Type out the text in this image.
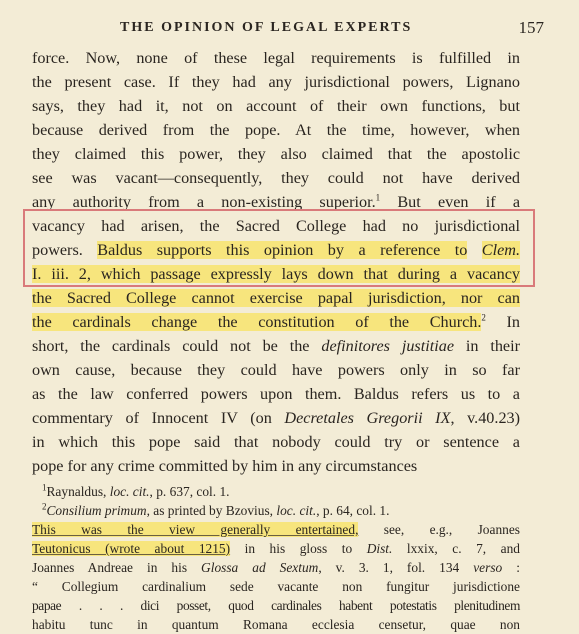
THE OPINION OF LEGAL EXPERTS	157
force. Now, none of these legal requirements is fulfilled in
the present case. If they had any jurisdictional powers, Lignano
says, they had it, not on account of their own functions, but
because derived from the pope. At the time, however, when
they claimed this power, they also claimed that the apostolic
see was vacant—consequently, they could not have derived
any authority from a non-existing superior.$^1$ But even if a
vacancy had arisen, the Sacred College had no jurisdictional
powers. Baldus supports this opinion by a reference to Clem.
I. iii. 2, which passage expressly lays down that during a vacancy
the Sacred College cannot exercise papal jurisdiction, nor can
the cardinals change the constitution of the Church.$^2$ In
short, the cardinals could not be the definitores justitiae in their
own cause, because they could have powers only in so far
as the law conferred powers upon them. Baldus refers us to a
commentary of Innocent IV (on Decretales Gregorii IX, v.40.23)
in which this pope said that nobody could try or sentence a
pope for any crime committed by him in any circumstances
$^1$Raynaldus, loc. cit., p. 637, col. 1.
$^2$Consilium primum, as printed by Bzovius, loc. cit., p. 64, col. 1.
This was the view generally entertained, see, e.g., Joannes
Teutonicus (wrote about 1215) in his gloss to Dist. lxxix, c. 7, and
Joannes Andreae in his Glossa ad Sextum, v. 3. 1, fol. 134 verso :
“ Collegium cardinalium sede vacante non fungitur jurisdictione
papae . . . dici posset, quod cardinales habent potestatis plenitudinem
habitu tunc in quantum Romana ecclesia censetur, quae non
